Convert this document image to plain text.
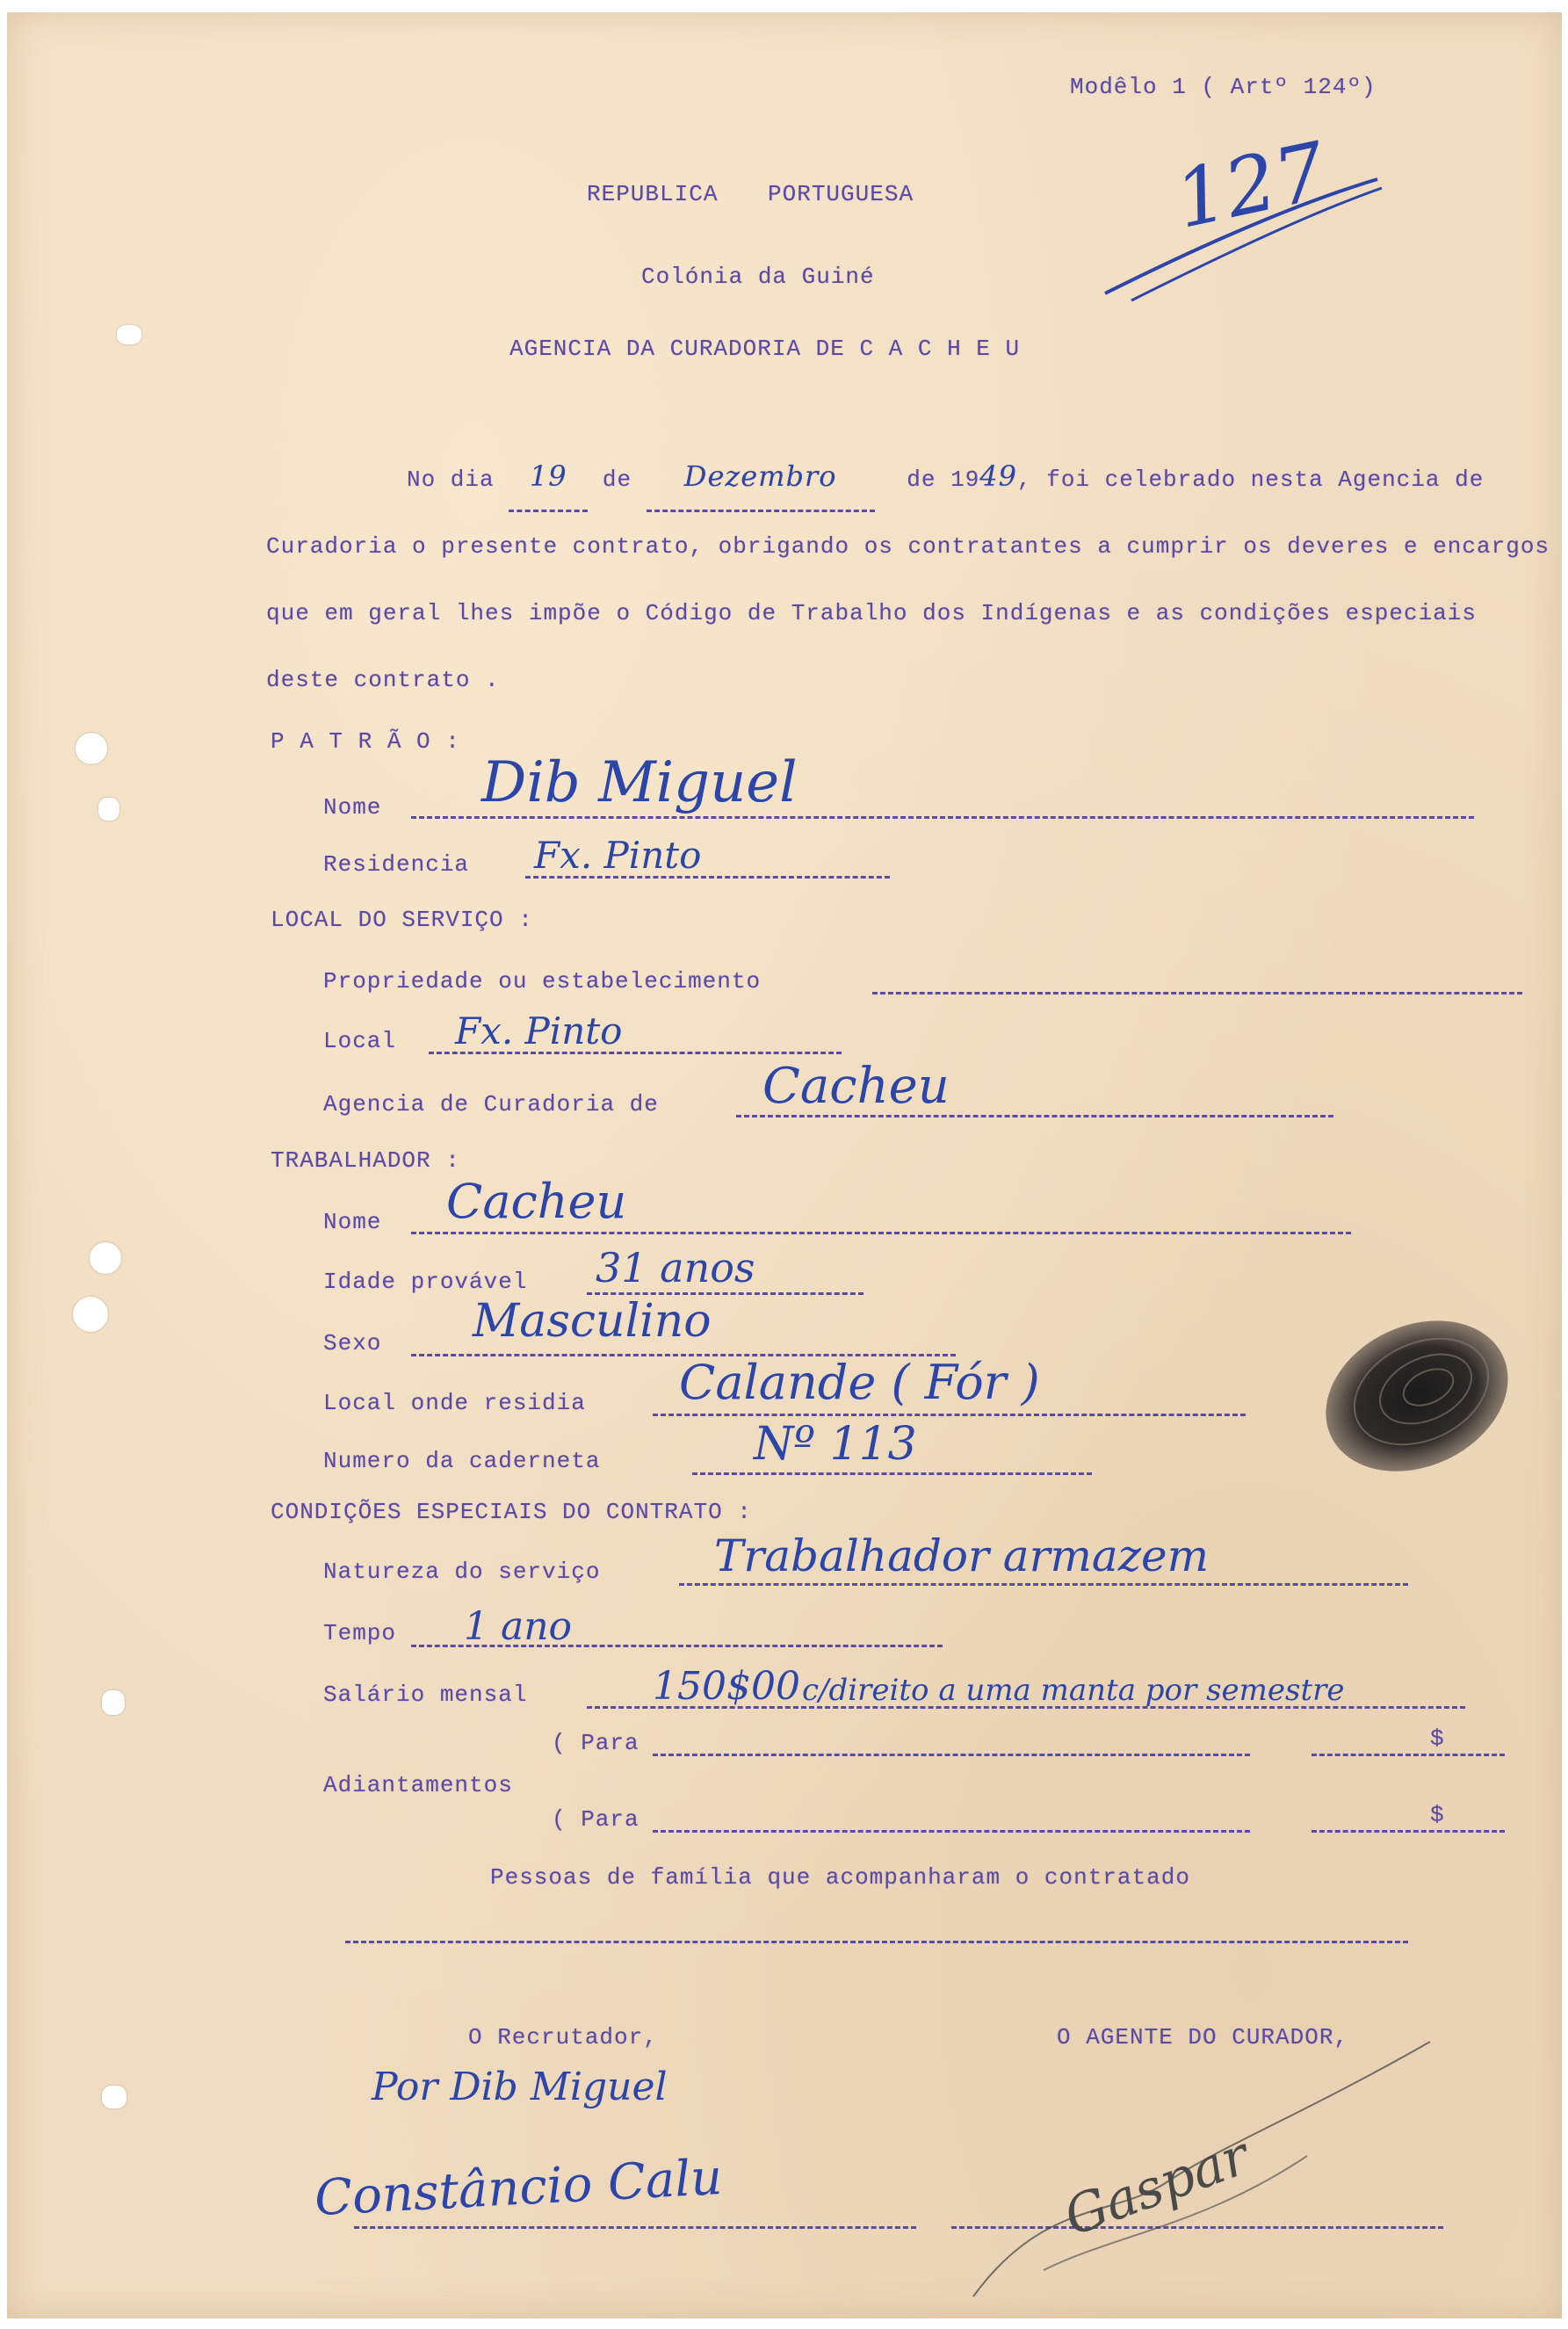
Modêlo 1 ( Artº 124º)
127
REPUBLICA PORTUGUESA
Colónia da Guiné
AGENCIA DA CURADORIA DE C A C H E U
No dia 19 de Dezembro	de 1949, foi celebrado nesta Agencia de Curadoria o presente contrato, obrigando os contratantes a cumprir os deveres e encargos que em geral lhes impõe o Código de Trabalho dos Indígenas e as condições especiais deste contrato .
P A T R Ã O :
Nome Dib Miguel
Residencia Fx. Pinto
LOCAL DO SERVIÇO :
Propriedade ou estabelecimento
Local Fx. Pinto
Agencia de Curadoria de Cacheu
TRABALHADOR :
Nome Cacheu
Idade provável 31 anos
Sexo Masculino
Local onde residia Calande ( Fór )
Numero da caderneta	Nº 113
CONDIÇÕES ESPECIAIS DO CONTRATO :
Natureza do serviço	Trabalhador armazem
Tempo 1 ano
Salário mensal	150$00 c/direito a uma manta por semestre
( Para	$
Adiantamentos
( Para	$
Pessoas de família que acompanharam o contratado
O Recrutador,
Por Dib Miguel
Constâncio Calu
O AGENTE DO CURADOR,
Gaspar
